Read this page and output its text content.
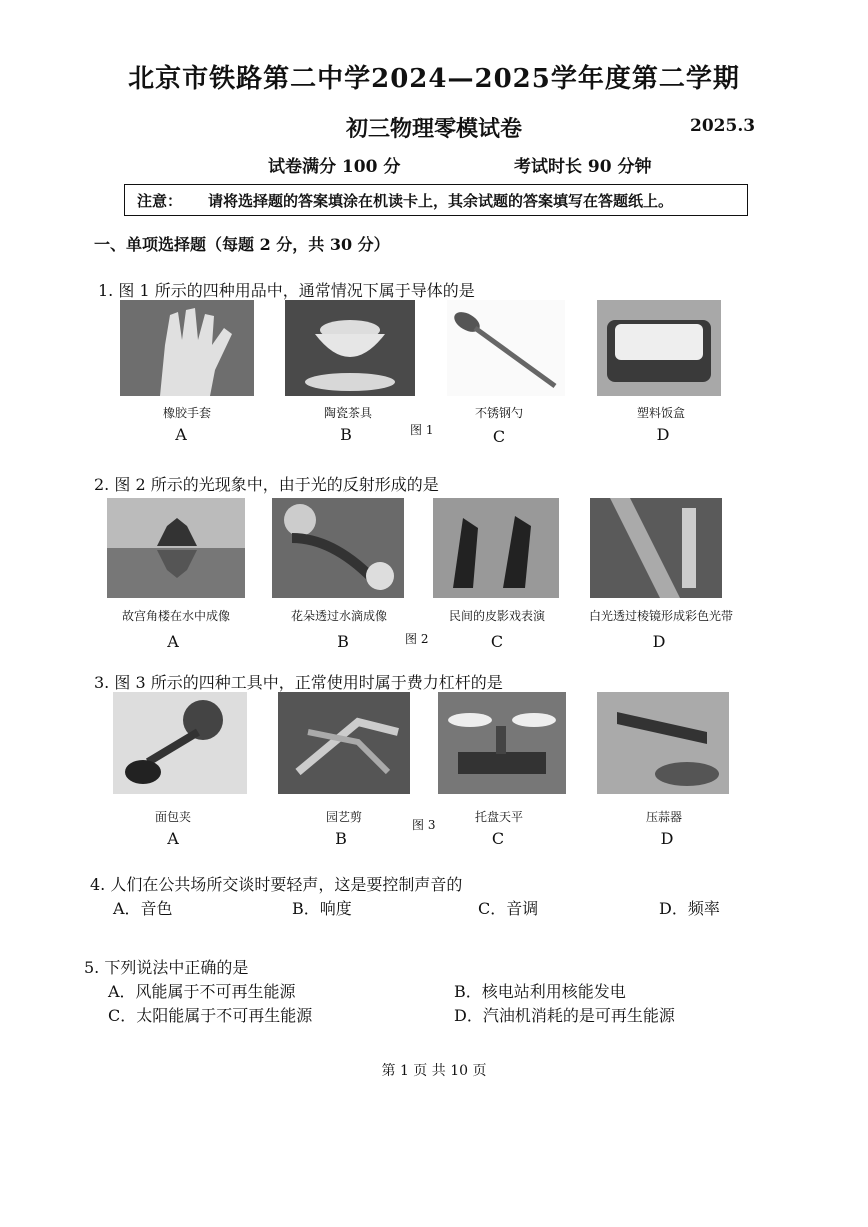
北京市铁路第二中学2024—2025学年度第二学期
初三物理零模试卷	2025.3
试卷满分 100 分	考试时长 90 分钟
注意： 请将选择题的答案填涂在机读卡上，其余试题的答案填写在答题纸上。
一、单项选择题（每题 2 分，共 30 分）
1. 图 1 所示的四种用品中，通常情况下属于导体的是
橡胶手套	陶瓷茶具	不锈钢勺	塑料饭盒
图 1
A	B	C	D
2. 图 2 所示的光现象中，由于光的反射形成的是
故宫角楼在水中成像	花朵透过水滴成像	民间的皮影戏表演	白光透过棱镜形成彩色光带
图 2
A	B	C	D
3. 图 3 所示的四种工具中，正常使用时属于费力杠杆的是
面包夹	园艺剪	托盘天平	压蒜器
图 3
A	B	C	D
4. 人们在公共场所交谈时要轻声，这是要控制声音的
A．音色	B．响度	C．音调	D．频率
5. 下列说法中正确的是
A．风能属于不可再生能源	B．核电站利用核能发电
C．太阳能属于不可再生能源	D．汽油机消耗的是可再生能源
第 1 页 共 10 页
